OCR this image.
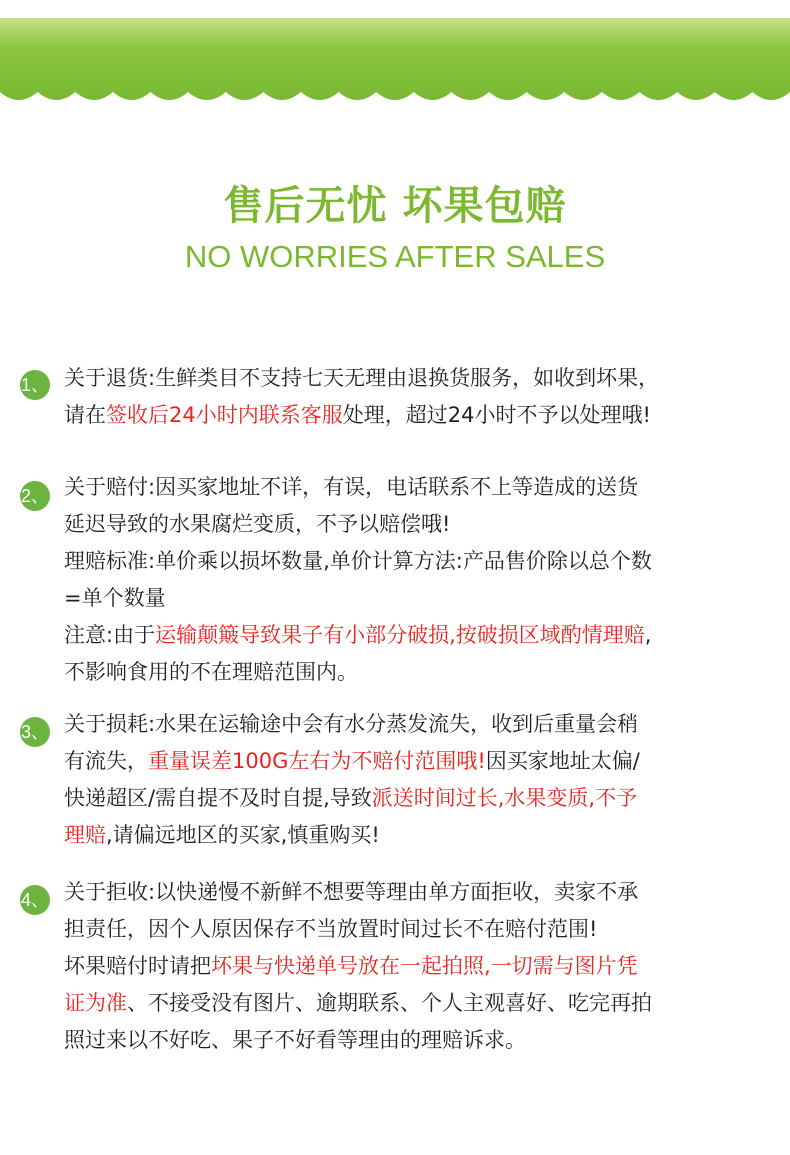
售后无忧 坏果包赔
NO WORRIES AFTER SALES
1、 关于退货:生鲜类目不支持七天无理由退换货服务，如收到坏果，
请在签收后24小时内联系客服处理，超过24小时不予以处理哦!
2、 关于赔付:因买家地址不详，有误，电话联系不上等造成的送货
延迟导致的水果腐烂变质，不予以赔偿哦!
理赔标准:单价乘以损坏数量,单价计算方法:产品售价除以总个数
=单个数量
注意:由于运输颠簸导致果子有小部分破损,按破损区域酌情理赔,
不影响食用的不在理赔范围内。
3、 关于损耗:水果在运输途中会有水分蒸发流失，收到后重量会稍
有流失，重量误差100G左右为不赔付范围哦!因买家地址太偏/
快递超区/需自提不及时自提,导致派送时间过长,水果变质,不予
理赔,请偏远地区的买家,慎重购买!
4、 关于拒收:以快递慢不新鲜不想要等理由单方面拒收，卖家不承
担责任，因个人原因保存不当放置时间过长不在赔付范围!
坏果赔付时请把坏果与快递单号放在一起拍照,一切需与图片凭
证为准、不接受没有图片、逾期联系、个人主观喜好、吃完再拍
照过来以不好吃、果子不好看等理由的理赔诉求。
